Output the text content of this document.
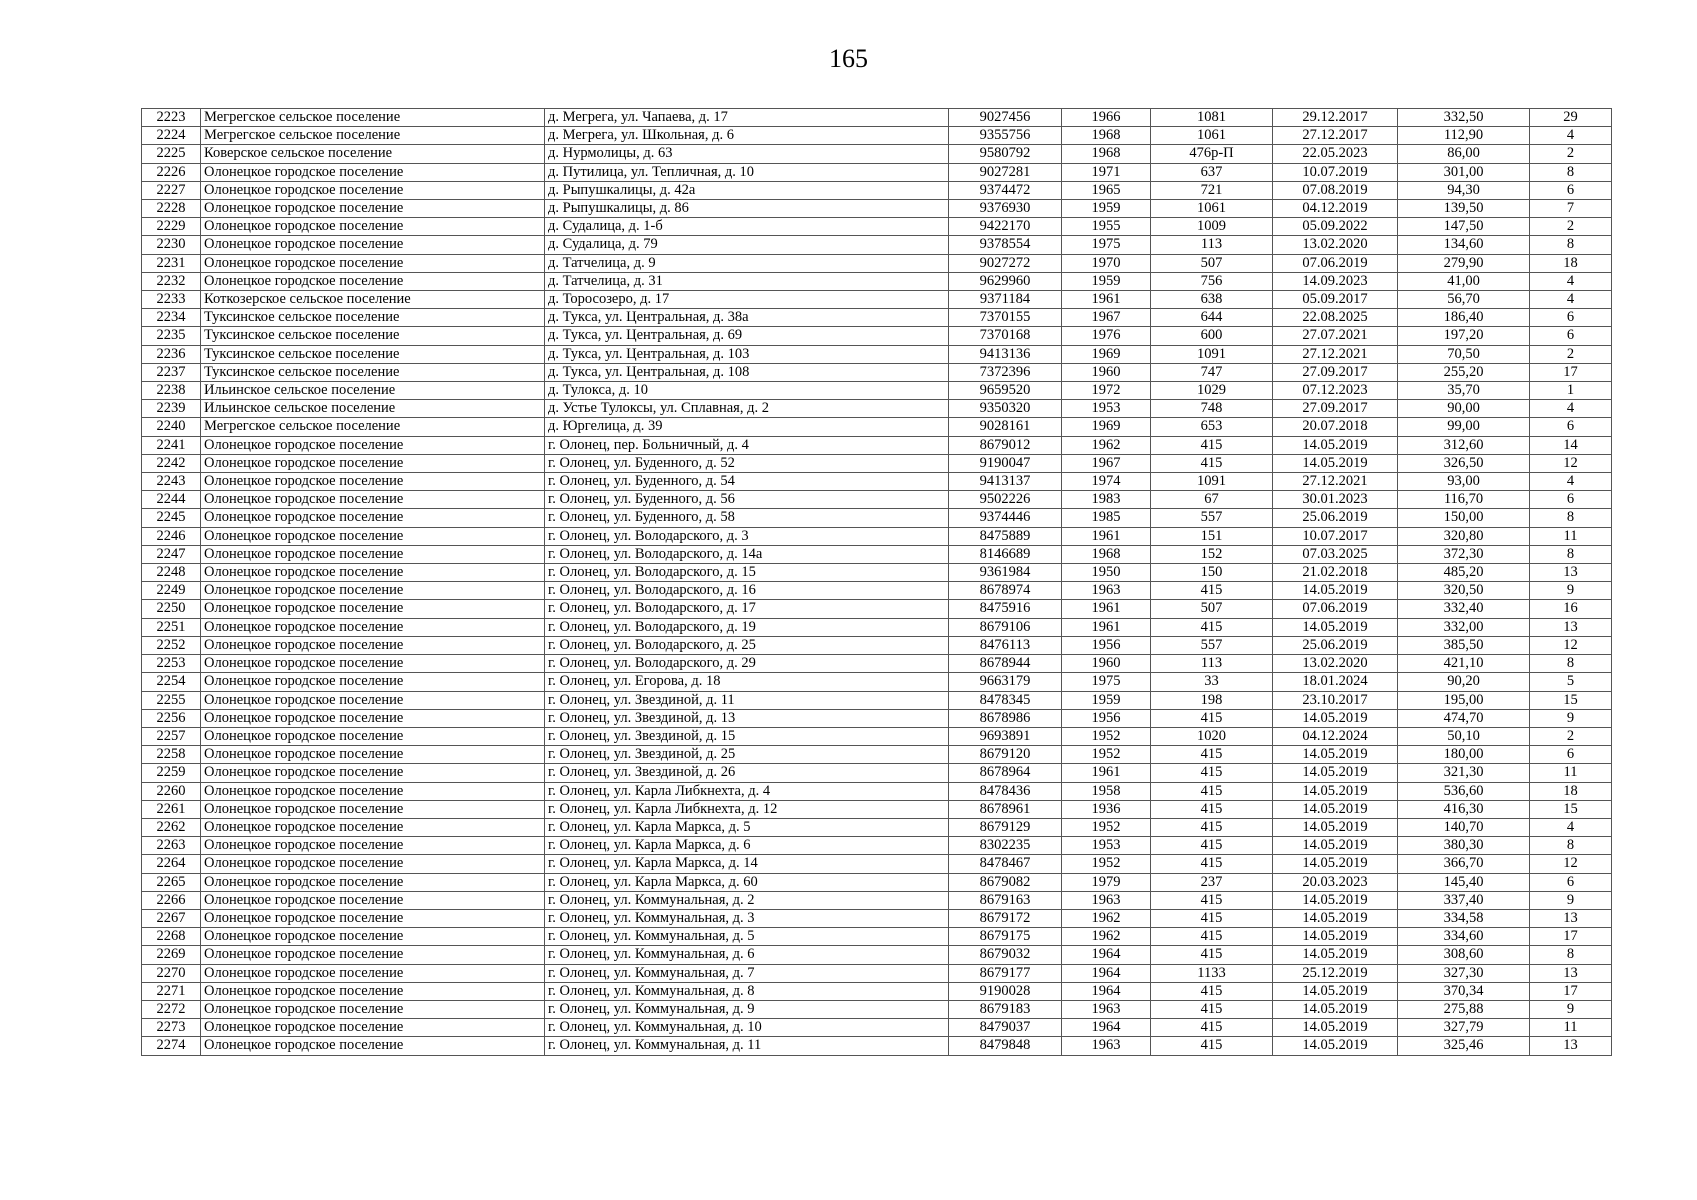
165
2223	Мегрегское сельское поселение	д. Мегрега, ул. Чапаева, д. 17	9027456	1966	1081	29.12.2017	332,50	29
2224	Мегрегское сельское поселение	д. Мегрега, ул. Школьная, д. 6	9355756	1968	1061	27.12.2017	112,90	4
2225	Коверское сельское поселение	д. Нурмолицы, д. 63	9580792	1968	476р-П	22.05.2023	86,00	2
2226	Олонецкое городское поселение	д. Путилица, ул. Тепличная, д. 10	9027281	1971	637	10.07.2019	301,00	8
2227	Олонецкое городское поселение	д. Рыпушкалицы, д. 42а	9374472	1965	721	07.08.2019	94,30	6
2228	Олонецкое городское поселение	д. Рыпушкалицы, д. 86	9376930	1959	1061	04.12.2019	139,50	7
2229	Олонецкое городское поселение	д. Судалица, д. 1-б	9422170	1955	1009	05.09.2022	147,50	2
2230	Олонецкое городское поселение	д. Судалица, д. 79	9378554	1975	113	13.02.2020	134,60	8
2231	Олонецкое городское поселение	д. Татчелица, д. 9	9027272	1970	507	07.06.2019	279,90	18
2232	Олонецкое городское поселение	д. Татчелица, д. 31	9629960	1959	756	14.09.2023	41,00	4
2233	Коткозерское сельское поселение	д. Торосозеро, д. 17	9371184	1961	638	05.09.2017	56,70	4
2234	Туксинское сельское поселение	д. Тукса, ул. Центральная, д. 38а	7370155	1967	644	22.08.2025	186,40	6
2235	Туксинское сельское поселение	д. Тукса, ул. Центральная, д. 69	7370168	1976	600	27.07.2021	197,20	6
2236	Туксинское сельское поселение	д. Тукса, ул. Центральная, д. 103	9413136	1969	1091	27.12.2021	70,50	2
2237	Туксинское сельское поселение	д. Тукса, ул. Центральная, д. 108	7372396	1960	747	27.09.2017	255,20	17
2238	Ильинское сельское поселение	д. Тулокса, д. 10	9659520	1972	1029	07.12.2023	35,70	1
2239	Ильинское сельское поселение	д. Устье Тулоксы, ул. Сплавная, д. 2	9350320	1953	748	27.09.2017	90,00	4
2240	Мегрегское сельское поселение	д. Юргелица, д. 39	9028161	1969	653	20.07.2018	99,00	6
2241	Олонецкое городское поселение	г. Олонец, пер. Больничный, д. 4	8679012	1962	415	14.05.2019	312,60	14
2242	Олонецкое городское поселение	г. Олонец, ул. Буденного, д. 52	9190047	1967	415	14.05.2019	326,50	12
2243	Олонецкое городское поселение	г. Олонец, ул. Буденного, д. 54	9413137	1974	1091	27.12.2021	93,00	4
2244	Олонецкое городское поселение	г. Олонец, ул. Буденного, д. 56	9502226	1983	67	30.01.2023	116,70	6
2245	Олонецкое городское поселение	г. Олонец, ул. Буденного, д. 58	9374446	1985	557	25.06.2019	150,00	8
2246	Олонецкое городское поселение	г. Олонец, ул. Володарского, д. 3	8475889	1961	151	10.07.2017	320,80	11
2247	Олонецкое городское поселение	г. Олонец, ул. Володарского, д. 14а	8146689	1968	152	07.03.2025	372,30	8
2248	Олонецкое городское поселение	г. Олонец, ул. Володарского, д. 15	9361984	1950	150	21.02.2018	485,20	13
2249	Олонецкое городское поселение	г. Олонец, ул. Володарского, д. 16	8678974	1963	415	14.05.2019	320,50	9
2250	Олонецкое городское поселение	г. Олонец, ул. Володарского, д. 17	8475916	1961	507	07.06.2019	332,40	16
2251	Олонецкое городское поселение	г. Олонец, ул. Володарского, д. 19	8679106	1961	415	14.05.2019	332,00	13
2252	Олонецкое городское поселение	г. Олонец, ул. Володарского, д. 25	8476113	1956	557	25.06.2019	385,50	12
2253	Олонецкое городское поселение	г. Олонец, ул. Володарского, д. 29	8678944	1960	113	13.02.2020	421,10	8
2254	Олонецкое городское поселение	г. Олонец, ул. Егорова, д. 18	9663179	1975	33	18.01.2024	90,20	5
2255	Олонецкое городское поселение	г. Олонец, ул. Звездиной, д. 11	8478345	1959	198	23.10.2017	195,00	15
2256	Олонецкое городское поселение	г. Олонец, ул. Звездиной, д. 13	8678986	1956	415	14.05.2019	474,70	9
2257	Олонецкое городское поселение	г. Олонец, ул. Звездиной, д. 15	9693891	1952	1020	04.12.2024	50,10	2
2258	Олонецкое городское поселение	г. Олонец, ул. Звездиной, д. 25	8679120	1952	415	14.05.2019	180,00	6
2259	Олонецкое городское поселение	г. Олонец, ул. Звездиной, д. 26	8678964	1961	415	14.05.2019	321,30	11
2260	Олонецкое городское поселение	г. Олонец, ул. Карла Либкнехта, д. 4	8478436	1958	415	14.05.2019	536,60	18
2261	Олонецкое городское поселение	г. Олонец, ул. Карла Либкнехта, д. 12	8678961	1936	415	14.05.2019	416,30	15
2262	Олонецкое городское поселение	г. Олонец, ул. Карла Маркса, д. 5	8679129	1952	415	14.05.2019	140,70	4
2263	Олонецкое городское поселение	г. Олонец, ул. Карла Маркса, д. 6	8302235	1953	415	14.05.2019	380,30	8
2264	Олонецкое городское поселение	г. Олонец, ул. Карла Маркса, д. 14	8478467	1952	415	14.05.2019	366,70	12
2265	Олонецкое городское поселение	г. Олонец, ул. Карла Маркса, д. 60	8679082	1979	237	20.03.2023	145,40	6
2266	Олонецкое городское поселение	г. Олонец, ул. Коммунальная, д. 2	8679163	1963	415	14.05.2019	337,40	9
2267	Олонецкое городское поселение	г. Олонец, ул. Коммунальная, д. 3	8679172	1962	415	14.05.2019	334,58	13
2268	Олонецкое городское поселение	г. Олонец, ул. Коммунальная, д. 5	8679175	1962	415	14.05.2019	334,60	17
2269	Олонецкое городское поселение	г. Олонец, ул. Коммунальная, д. 6	8679032	1964	415	14.05.2019	308,60	8
2270	Олонецкое городское поселение	г. Олонец, ул. Коммунальная, д. 7	8679177	1964	1133	25.12.2019	327,30	13
2271	Олонецкое городское поселение	г. Олонец, ул. Коммунальная, д. 8	9190028	1964	415	14.05.2019	370,34	17
2272	Олонецкое городское поселение	г. Олонец, ул. Коммунальная, д. 9	8679183	1963	415	14.05.2019	275,88	9
2273	Олонецкое городское поселение	г. Олонец, ул. Коммунальная, д. 10	8479037	1964	415	14.05.2019	327,79	11
2274	Олонецкое городское поселение	г. Олонец, ул. Коммунальная, д. 11	8479848	1963	415	14.05.2019	325,46	13
